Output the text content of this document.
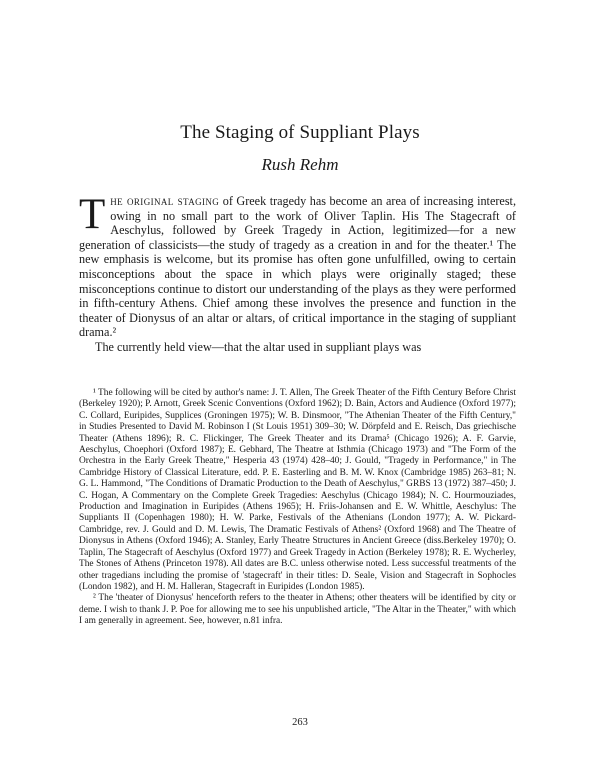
The Staging of Suppliant Plays
Rush Rehm

The original staging of Greek tragedy has become an area of increasing interest, owing in no small part to the work of Oliver Taplin. His The Stagecraft of Aeschylus, followed by Greek Tragedy in Action, legitimized—for a new generation of classicists—the study of tragedy as a creation in and for the theater.¹ The new emphasis is welcome, but its promise has often gone unfulfilled, owing to certain misconceptions about the space in which plays were originally staged; these misconceptions continue to distort our understanding of the plays as they were performed in fifth-century Athens. Chief among these involves the presence and function in the theater of Dionysus of an altar or altars, of critical importance in the staging of suppliant drama.²

The currently held view—that the altar used in suppliant plays was

¹ The following will be cited by author's name: J. T. Allen, The Greek Theater of the Fifth Century Before Christ (Berkeley 1920); P. Arnott, Greek Scenic Conventions (Oxford 1962); D. Bain, Actors and Audience (Oxford 1977); C. Collard, Euripides, Supplices (Groningen 1975); W. B. Dinsmoor, "The Athenian Theater of the Fifth Century," in Studies Presented to David M. Robinson I (St Louis 1951) 309–30; W. Dörpfeld and E. Reisch, Das griechische Theater (Athens 1896); R. C. Flickinger, The Greek Theater and its Drama⁵ (Chicago 1926); A. F. Garvie, Aeschylus, Choephori (Oxford 1987); E. Gebhard, The Theatre at Isthmia (Chicago 1973) and "The Form of the Orchestra in the Early Greek Theatre," Hesperia 43 (1974) 428–40; J. Gould, "Tragedy in Performance," in The Cambridge History of Classical Literature, edd. P. E. Easterling and B. M. W. Knox (Cambridge 1985) 263–81; N. G. L. Hammond, "The Conditions of Dramatic Production to the Death of Aeschylus," GRBS 13 (1972) 387–450; J. C. Hogan, A Commentary on the Complete Greek Tragedies: Aeschylus (Chicago 1984); N. C. Hourmouziades, Production and Imagination in Euripides (Athens 1965); H. Friis-Johansen and E. W. Whittle, Aeschylus: The Suppliants II (Copenhagen 1980); H. W. Parke, Festivals of the Athenians (London 1977); A. W. Pickard-Cambridge, rev. J. Gould and D. M. Lewis, The Dramatic Festivals of Athens² (Oxford 1968) and The Theatre of Dionysus in Athens (Oxford 1946); A. Stanley, Early Theatre Structures in Ancient Greece (diss.Berkeley 1970); O. Taplin, The Stagecraft of Aeschylus (Oxford 1977) and Greek Tragedy in Action (Berkeley 1978); R. E. Wycherley, The Stones of Athens (Princeton 1978). All dates are B.C. unless otherwise noted. Less successful treatments of the other tragedians including the promise of 'stagecraft' in their titles: D. Seale, Vision and Stagecraft in Sophocles (London 1982), and H. M. Halleran, Stagecraft in Euripides (London 1985).

² The 'theater of Dionysus' henceforth refers to the theater in Athens; other theaters will be identified by city or deme. I wish to thank J. P. Poe for allowing me to see his unpublished article, "The Altar in the Theater," with which I am generally in agreement. See, however, n.81 infra.

263
